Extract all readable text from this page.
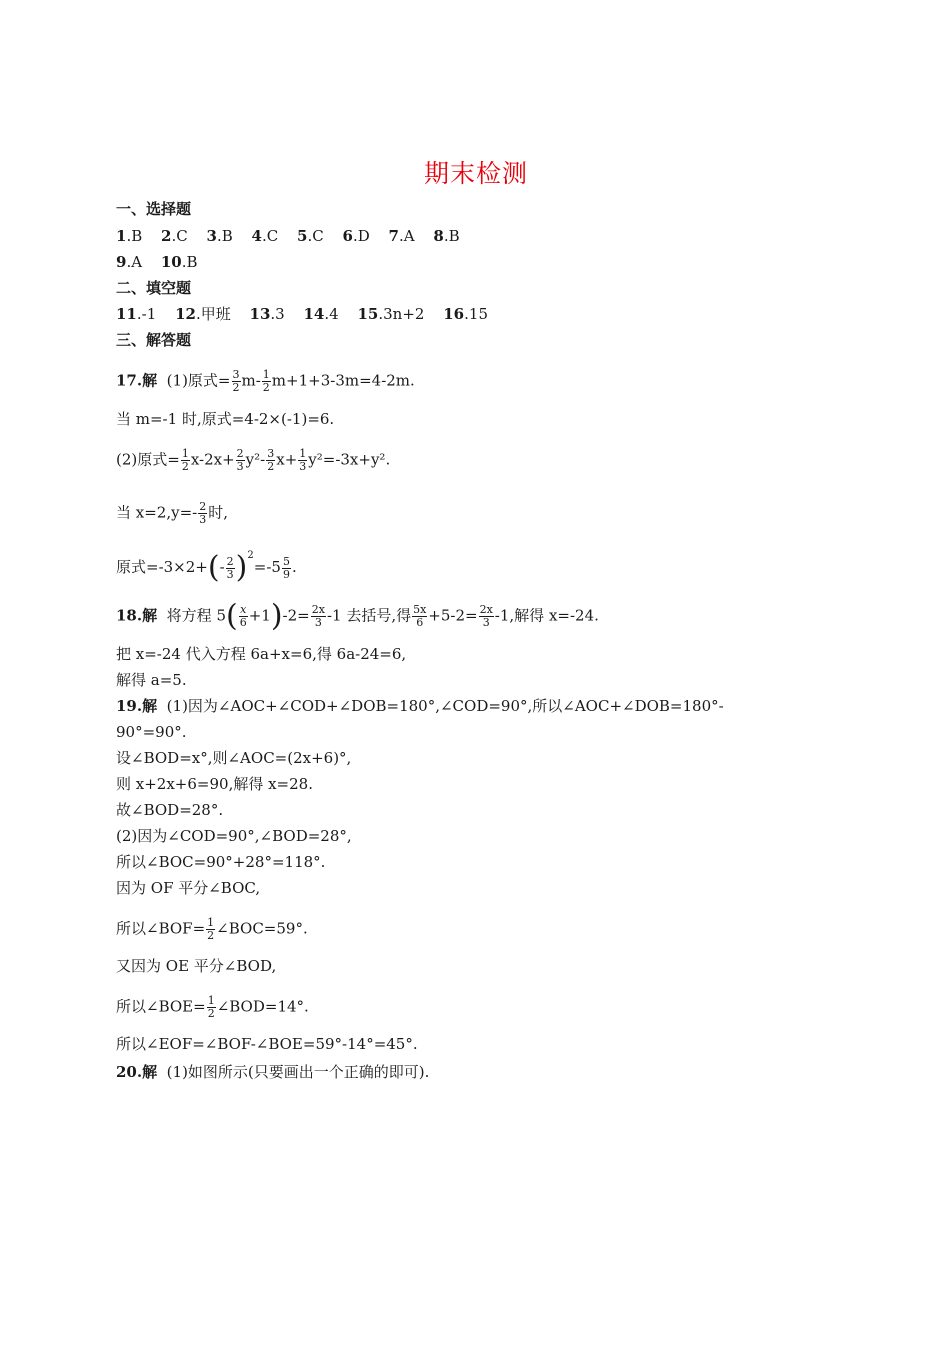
期末检测
一、选择题
1.B 2.C 3.B 4.C 5.C 6.D 7.A 8.B
9.A 10.B
二、填空题
11.-1 12.甲班 13.3 14.4 15.3n+2 16.15
三、解答题
17.解 (1)原式= $\frac{3}{2} m- \frac{1}{2} m+1+3-3m=4-2m$.
当 m=-1 时,原式=4-2×(-1)=6.
(2)原式= $\frac{1}{2} x-2x+ \frac{2}{3} y^2- \frac{3}{2} x+ \frac{1}{3} y^2=-3x+y^2$.
当 $x=2,y=- \frac{2}{3}$ 时,
原式$=-3\times 2+(- \frac{2}{3} )^2=-5 \frac{5}{9}$ .
18.解 将方程 $5( \frac{x}{6} +1)-2= \frac{2x}{3} -1$ 去括号,得 $\frac{5x}{6} +5-2= \frac{2x}{3} -1$,解得 x=-24.
把 x=-24 代入方程 6a+x=6,得 6a-24=6,
解得 a=5.
19.解 (1)因为∠AOC+∠COD+∠DOB=180°,∠COD=90°,所以∠AOC+∠DOB=180°-
90°=90°.
设∠BOD=x°,则∠AOC=(2x+6)°,
则 x+2x+6=90,解得 x=28.
故∠BOD=28°.
(2)因为∠COD=90°,∠BOD=28°,
所以∠BOC=90°+28°=118°.
因为 OF 平分∠BOC,
所以∠BOF= $\frac{1}{2}$ ∠BOC=59°.
又因为 OE 平分∠BOD,
所以∠BOE= $\frac{1}{2}$ ∠BOD=14°.
所以∠EOF=∠BOF-∠BOE=59°-14°=45°.
20.解 (1)如图所示(只要画出一个正确的即可).
